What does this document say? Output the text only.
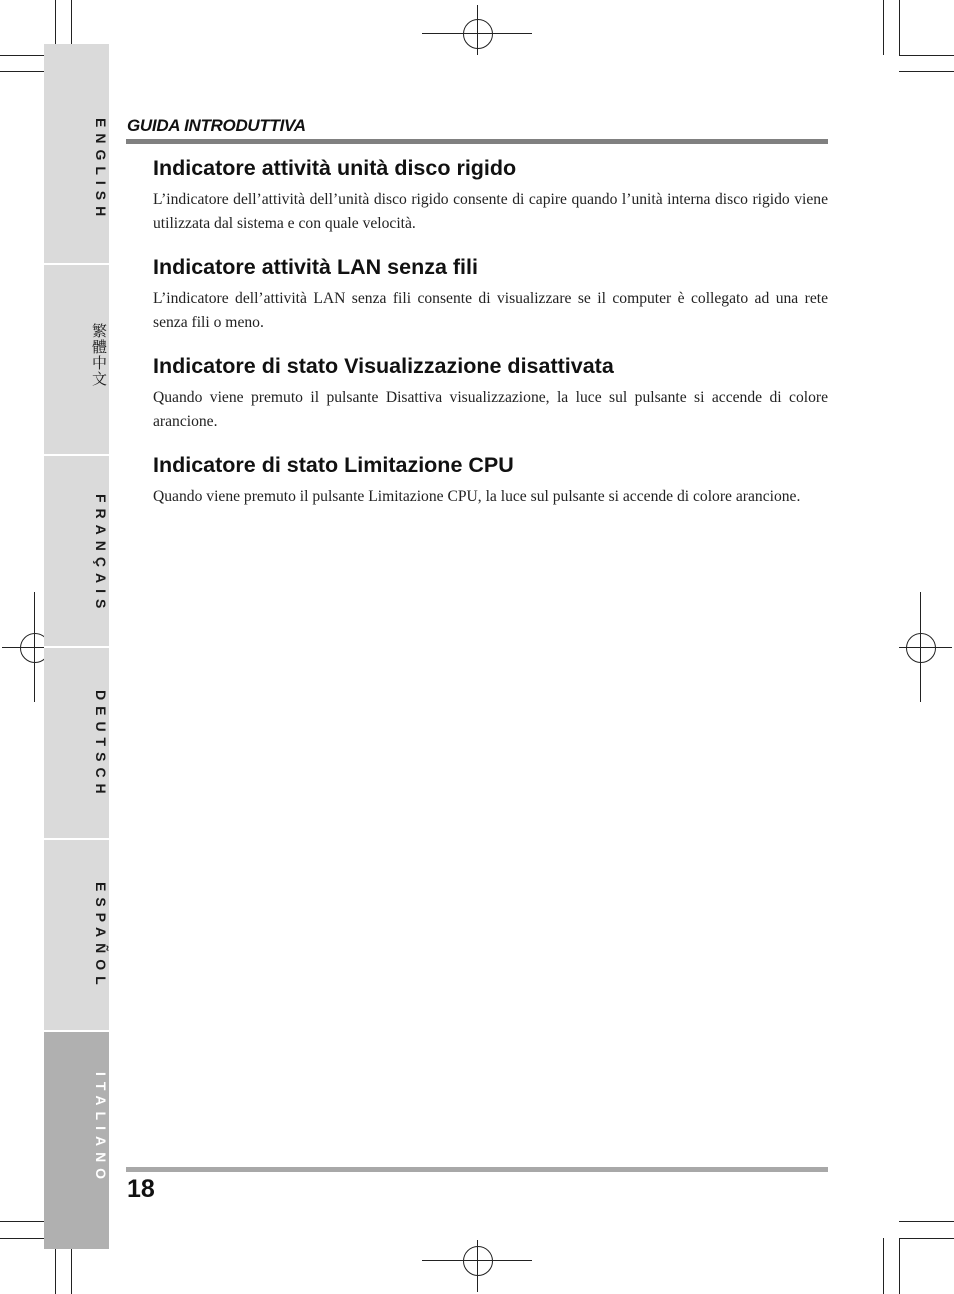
ENGLISH
繁體中文
FRANÇAIS
DEUTSCH
ESPAÑOL
ITALIANO
GUIDA INTRODUTTIVA
Indicatore attività unità disco rigido

L’indicatore dell’attività dell’unità disco rigido consente di capire quando l’unità interna disco rigido viene utilizzata dal sistema e con quale velocità.

Indicatore attività LAN senza fili

L’indicatore dell’attività LAN senza fili consente di visualizzare se il computer è collegato ad una rete senza fili o meno.

Indicatore di stato Visualizzazione disattivata

Quando viene premuto il pulsante Disattiva visualizzazione, la luce sul pulsante si accende di colore arancione.

Indicatore di stato Limitazione CPU

Quando viene premuto il pulsante Limitazione CPU, la luce sul pulsante si accende di colore arancione.

18
